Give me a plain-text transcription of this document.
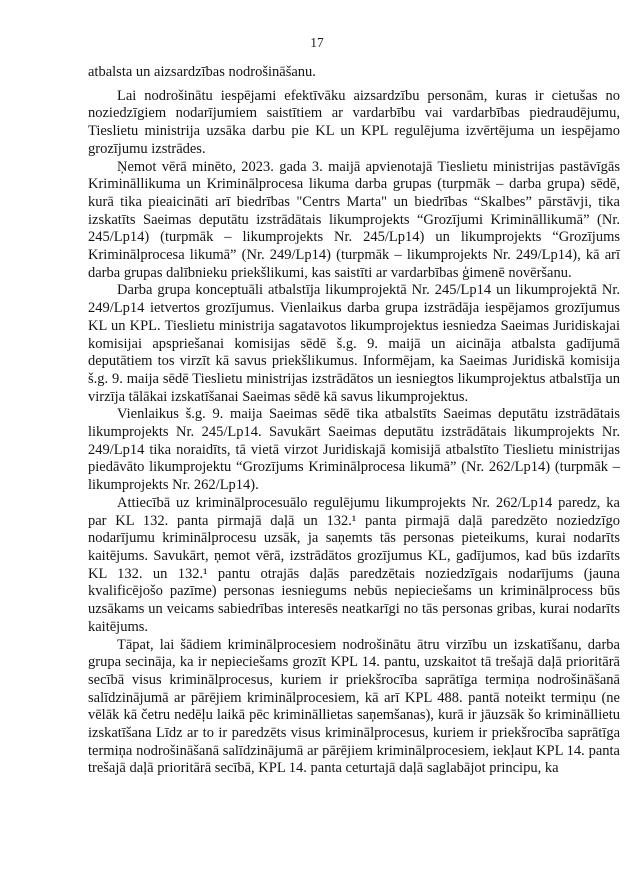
17

atbalsta un aizsardzības nodrošināšanu.

Lai nodrošinātu iespējami efektīvāku aizsardzību personām, kuras ir cietušas no noziedzīgiem nodarījumiem saistītiem ar vardarbību vai vardarbības piedraudējumu, Tieslietu ministrija uzsāka darbu pie KL un KPL regulējuma izvērtējuma un iespējamo grozījumu izstrādes.

Ņemot vērā minēto, 2023. gada 3. maijā apvienotajā Tieslietu ministrijas pastāvīgās Krimināllikuma un Kriminālprocesa likuma darba grupas (turpmāk – darba grupa) sēdē, kurā tika pieaicināti arī biedrības "Centrs Marta" un biedrības “Skalbes” pārstāvji, tika izskatīts Saeimas deputātu izstrādātais likumprojekts “Grozījumi Krimināllikumā” (Nr. 245/Lp14) (turpmāk – likumprojekts Nr. 245/Lp14) un likumprojekts “Grozījums Kriminālprocesa likumā” (Nr. 249/Lp14) (turpmāk – likumprojekts Nr. 249/Lp14), kā arī darba grupas dalībnieku priekšlikumi, kas saistīti ar vardarbības ģimenē novēršanu.

Darba grupa konceptuāli atbalstīja likumprojektā Nr. 245/Lp14 un likumprojektā Nr. 249/Lp14 ietvertos grozījumus. Vienlaikus darba grupa izstrādāja iespējamos grozījumus KL un KPL. Tieslietu ministrija sagatavotos likumprojektus iesniedza Saeimas Juridiskajai komisijai apspriešanai komisijas sēdē š.g. 9. maijā un aicināja atbalsta gadījumā deputātiem tos virzīt kā savus priekšlikumus. Informējam, ka Saeimas Juridiskā komisija š.g. 9. maija sēdē Tieslietu ministrijas izstrādātos un iesniegtos likumprojektus atbalstīja un virzīja tālākai izskatīšanai Saeimas sēdē kā savus likumprojektus.

Vienlaikus š.g. 9. maija Saeimas sēdē tika atbalstīts Saeimas deputātu izstrādātais likumprojekts Nr. 245/Lp14. Savukārt Saeimas deputātu izstrādātais likumprojekts Nr. 249/Lp14 tika noraidīts, tā vietā virzot Juridiskajā komisijā atbalstīto Tieslietu ministrijas piedāvāto likumprojektu “Grozījums Kriminālprocesa likumā” (Nr. 262/Lp14) (turpmāk – likumprojekts Nr. 262/Lp14).

Attiecībā uz kriminālprocesuālo regulējumu likumprojekts Nr. 262/Lp14 paredz, ka par KL 132. panta pirmajā daļā un 132.¹ panta pirmajā daļā paredzēto noziedzīgo nodarījumu kriminālprocesu uzsāk, ja saņemts tās personas pieteikums, kurai nodarīts kaitējums. Savukārt, ņemot vērā, izstrādātos grozījumus KL, gadījumos, kad būs izdarīts KL 132. un 132.¹ pantu otrajās daļās paredzētais noziedzīgais nodarījums (jauna kvalificējošo pazīme) personas iesniegums nebūs nepieciešams un kriminālprocess būs uzsākams un veicams sabiedrības interesēs neatkarīgi no tās personas gribas, kurai nodarīts kaitējums.

Tāpat, lai šādiem kriminālprocesiem nodrošinātu ātru virzību un izskatīšanu, darba grupa secināja, ka ir nepieciešams grozīt KPL 14. pantu, uzskaitot tā trešajā daļā prioritārā secībā visus kriminālprocesus, kuriem ir priekšrocība saprātīga termiņa nodrošināšanā salīdzinājumā ar pārējiem kriminālprocesiem, kā arī KPL 488. pantā noteikt termiņu (ne vēlāk kā četru nedēļu laikā pēc krimināllietas saņemšanas), kurā ir jāuzsāk šo krimināllietu izskatīšana Līdz ar to ir paredzēts visus kriminālprocesus, kuriem ir priekšrocība saprātīga termiņa nodrošināšanā salīdzinājumā ar pārējiem kriminālprocesiem, iekļaut KPL 14. panta trešajā daļā prioritārā secībā, KPL 14. panta ceturtajā daļā saglabājot principu, ka
